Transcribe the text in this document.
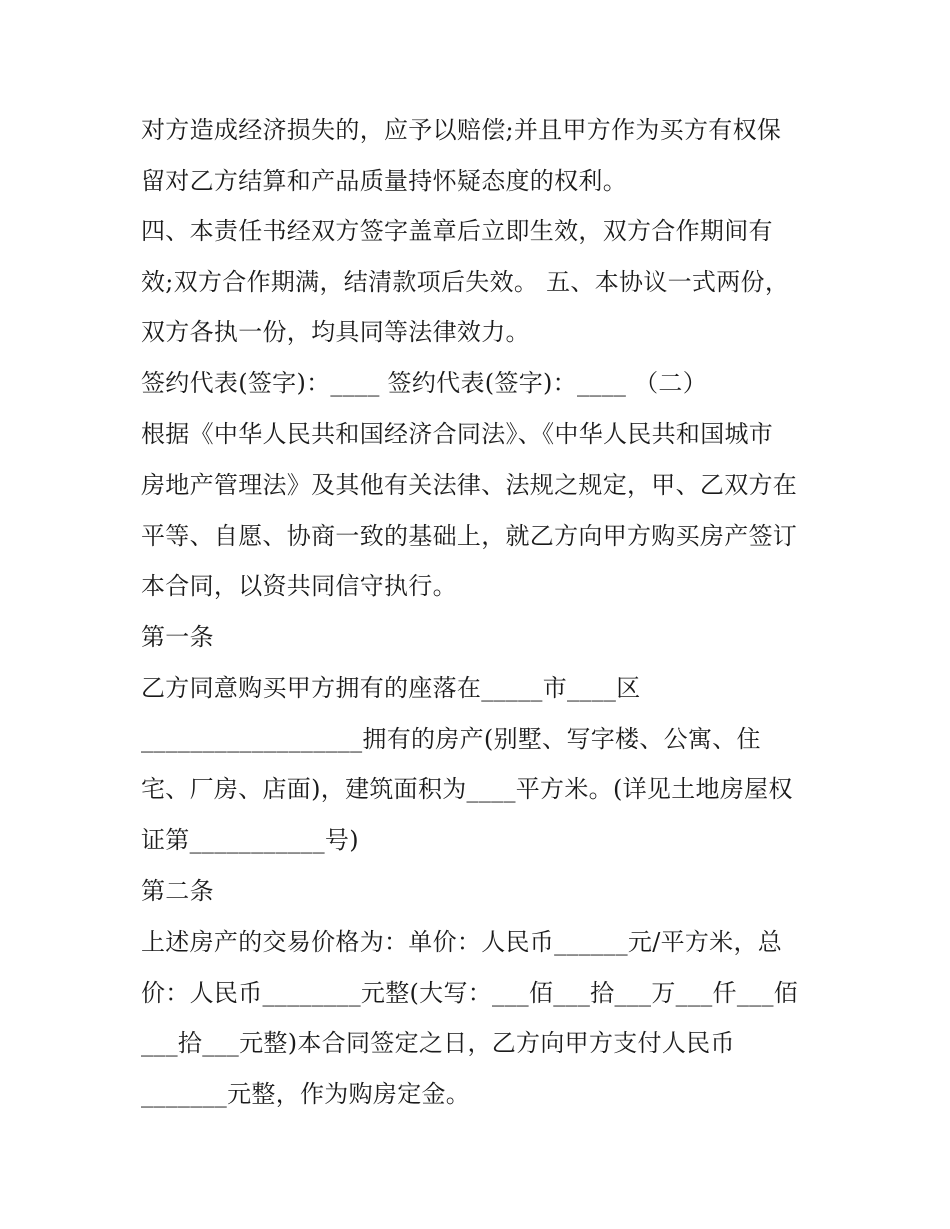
对方造成经济损失的，应予以赔偿;并且甲方作为买方有权保
留对乙方结算和产品质量持怀疑态度的权利。
四、本责任书经双方签字盖章后立即生效，双方合作期间有
效;双方合作期满，结清款项后失效。 五、本协议一式两份，
双方各执一份，均具同等法律效力。
签约代表(签字)：____ 签约代表(签字)：____ （二）
根据《中华人民共和国经济合同法》、《中华人民共和国城市
房地产管理法》及其他有关法律、法规之规定，甲、乙双方在
平等、自愿、协商一致的基础上，就乙方向甲方购买房产签订
本合同，以资共同信守执行。
第一条
乙方同意购买甲方拥有的座落在_____市____区
__________________拥有的房产(别墅、写字楼、公寓、住
宅、厂房、店面)，建筑面积为____平方米。(详见土地房屋权
证第___________号)
第二条
上述房产的交易价格为：单价：人民币______元/平方米，总
价：人民币________元整(大写：___佰___拾___万___仟___佰
___拾___元整)本合同签定之日，乙方向甲方支付人民币
_______元整，作为购房定金。
